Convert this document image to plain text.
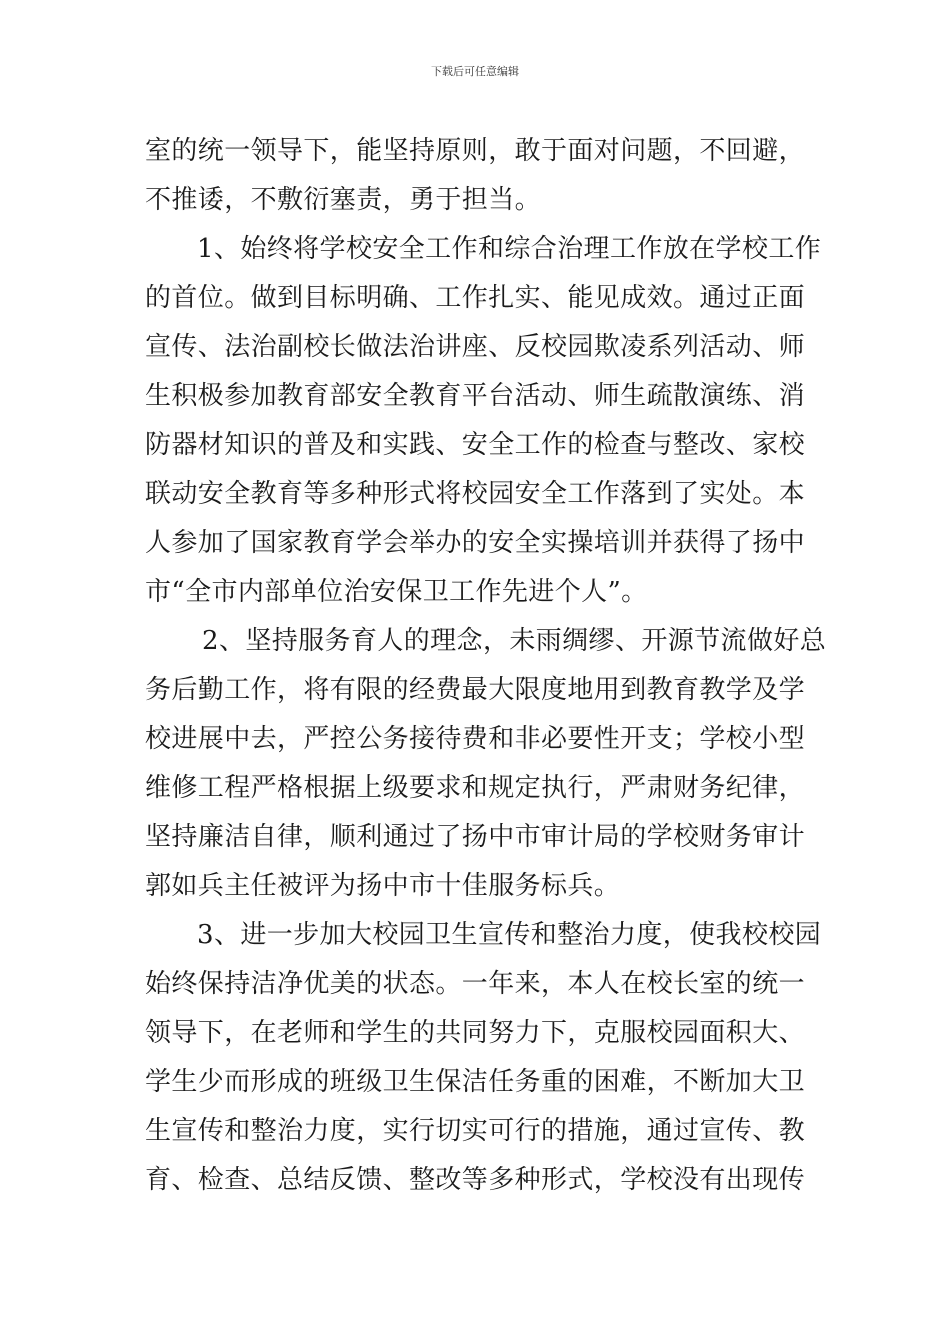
下载后可任意编辑
室的统一领导下，能坚持原则，敢于面对问题，不回避，
不推诿，不敷衍塞责，勇于担当。
1、始终将学校安全工作和综合治理工作放在学校工作
的首位。做到目标明确、工作扎实、能见成效。通过正面
宣传、法治副校长做法治讲座、反校园欺凌系列活动、师
生积极参加教育部安全教育平台活动、师生疏散演练、消
防器材知识的普及和实践、安全工作的检查与整改、家校
联动安全教育等多种形式将校园安全工作落到了实处。本
人参加了国家教育学会举办的安全实操培训并获得了扬中
市“全市内部单位治安保卫工作先进个人”。
2、坚持服务育人的理念，未雨绸缪、开源节流做好总
务后勤工作，将有限的经费最大限度地用到教育教学及学
校进展中去，严控公务接待费和非必要性开支；学校小型
维修工程严格根据上级要求和规定执行，严肃财务纪律，
坚持廉洁自律，顺利通过了扬中市审计局的学校财务审计
郭如兵主任被评为扬中市十佳服务标兵。
3、进一步加大校园卫生宣传和整治力度，使我校校园
始终保持洁净优美的状态。一年来，本人在校长室的统一
领导下，在老师和学生的共同努力下，克服校园面积大、
学生少而形成的班级卫生保洁任务重的困难，不断加大卫
生宣传和整治力度，实行切实可行的措施，通过宣传、教
育、检查、总结反馈、整改等多种形式，学校没有出现传
